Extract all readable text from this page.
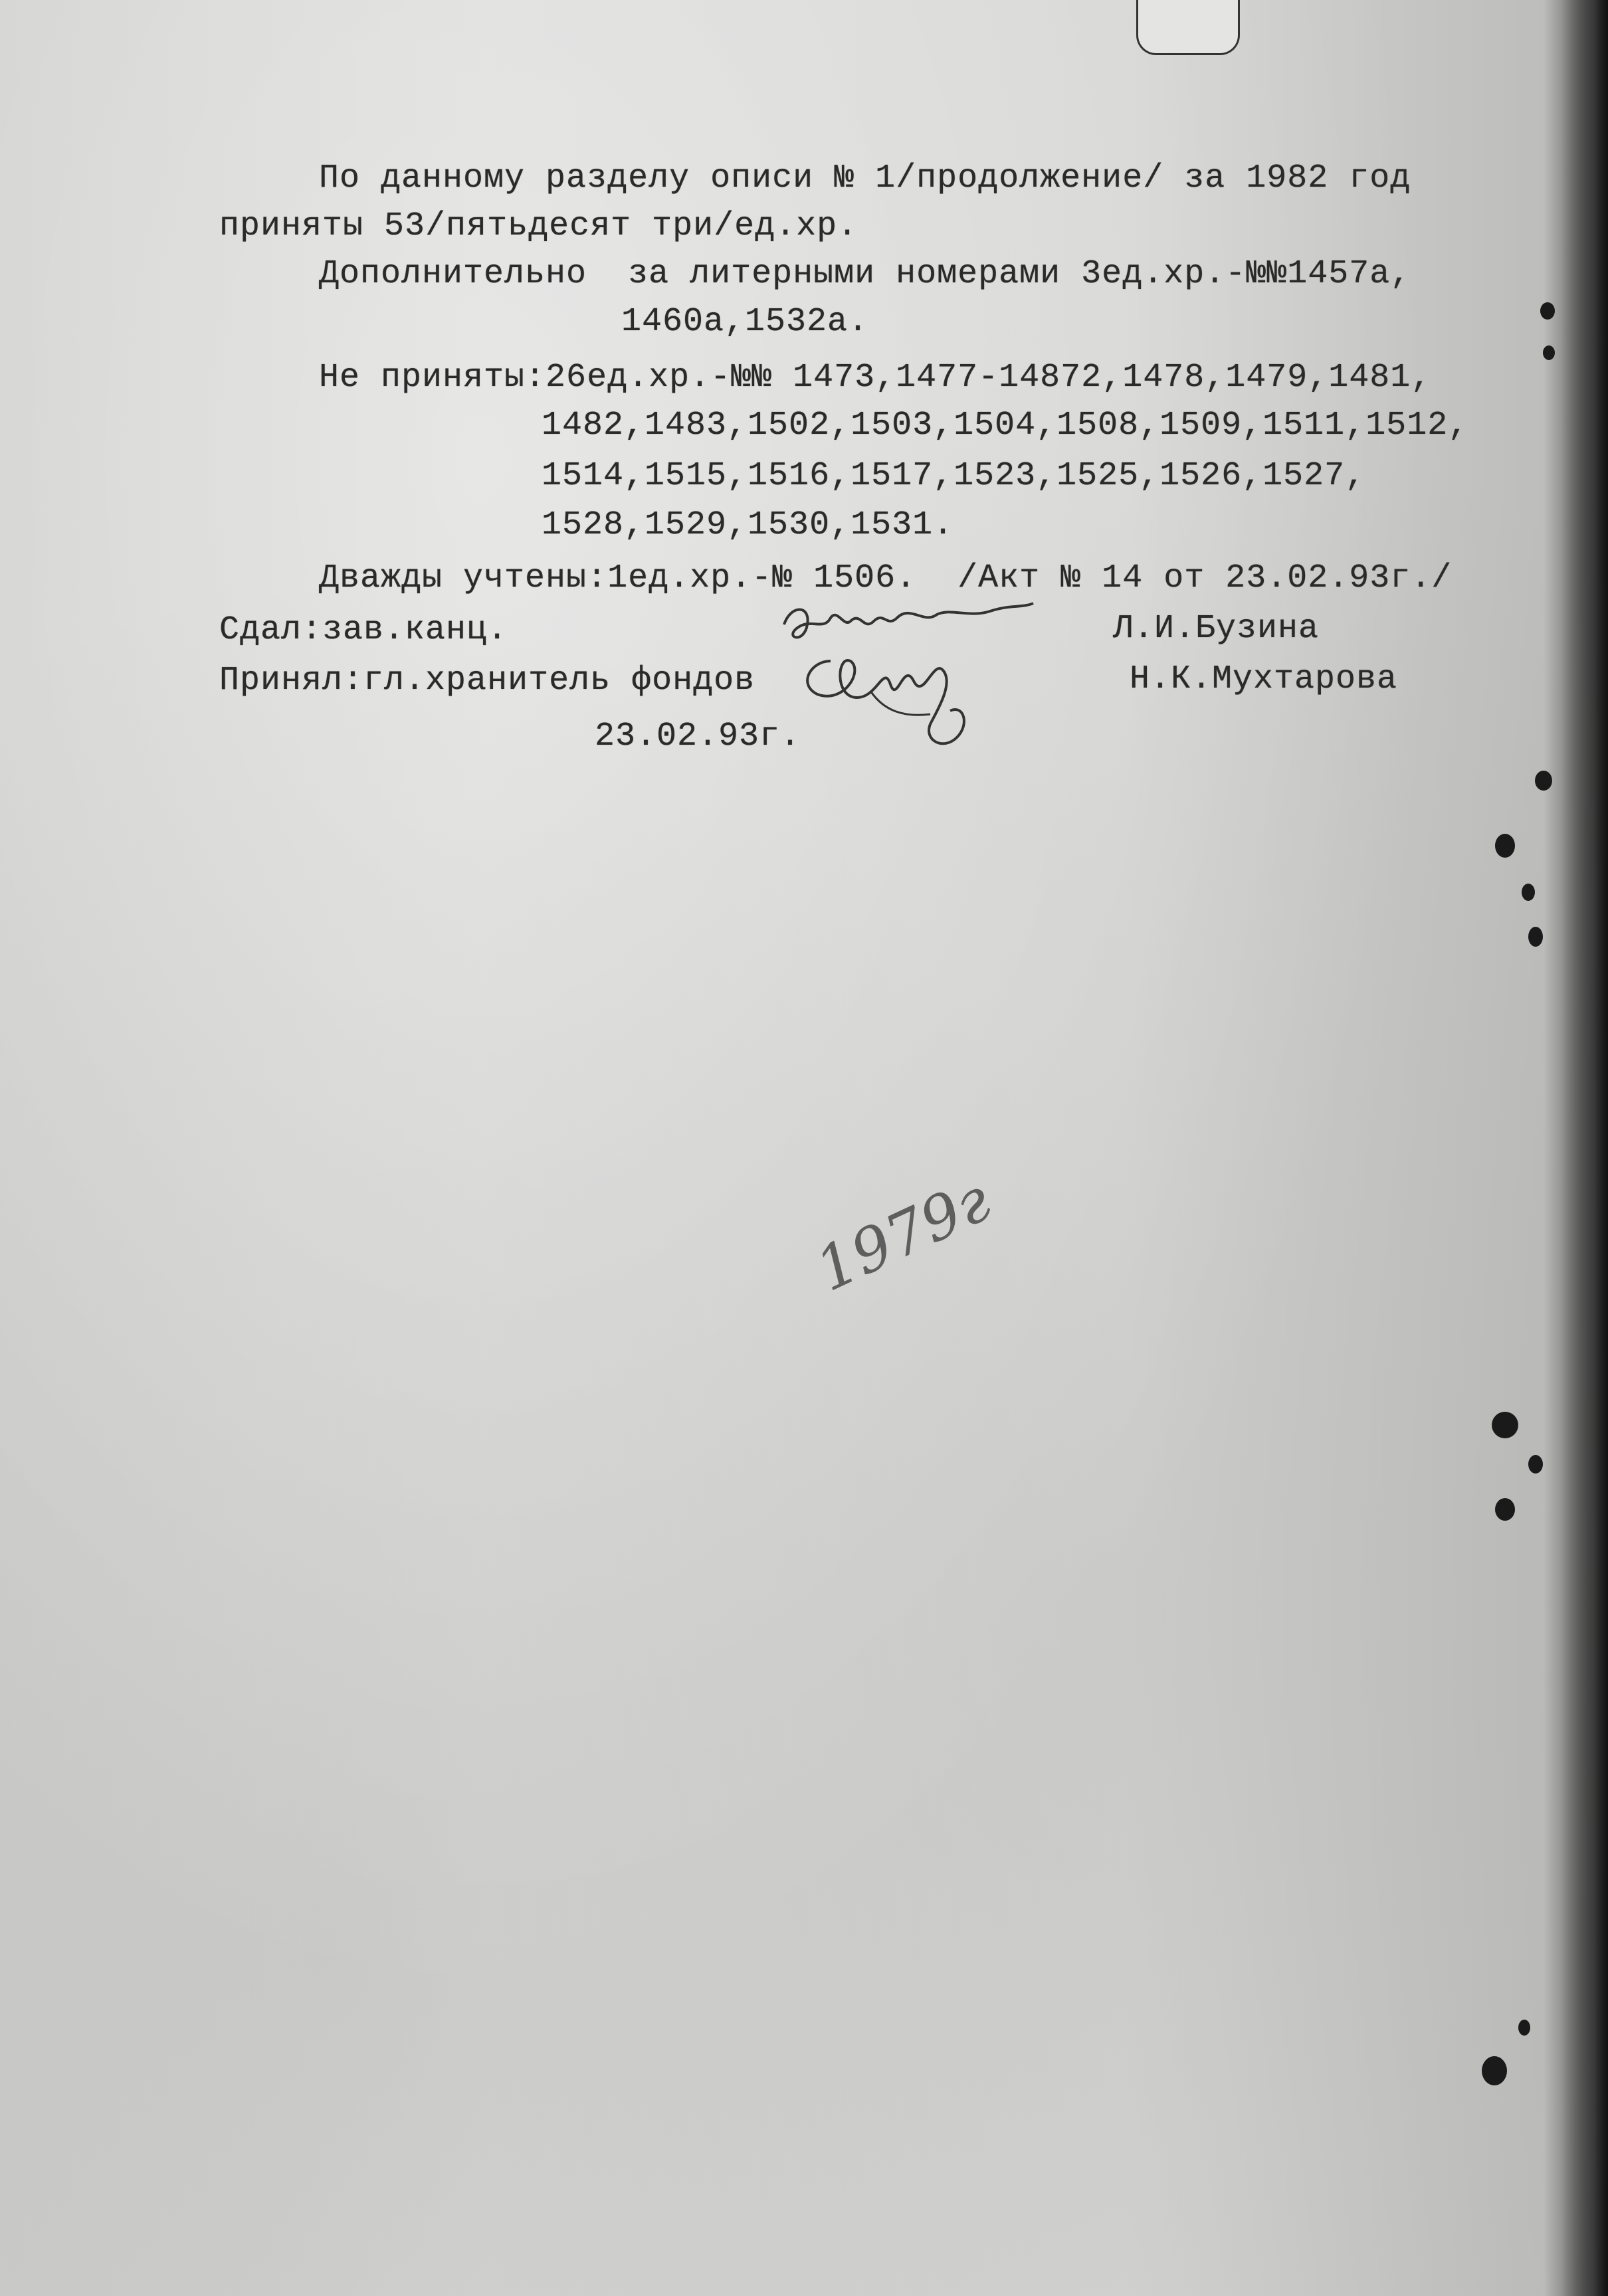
По данному разделу описи № 1/продолжение/ за 1982 год
приняты 53/пятьдесят три/ед.хр.
Дополнительно  за литерными номерами 3ед.хр.-№№1457а,
1460а,1532а.
Не приняты:26ед.хр.-№№ 1473,1477-14872,1478,1479,1481,
1482,1483,1502,1503,1504,1508,1509,1511,1512,
1514,1515,1516,1517,1523,1525,1526,1527,
1528,1529,1530,1531.
Дважды учтены:1ед.хр.-№ 1506.  /Акт № 14 от 23.02.93г./
Сдал:зав.канц.	Л.И.Бузина
Принял:гл.хранитель фондов	Н.К.Мухтарова
23.02.93г.
1979г
